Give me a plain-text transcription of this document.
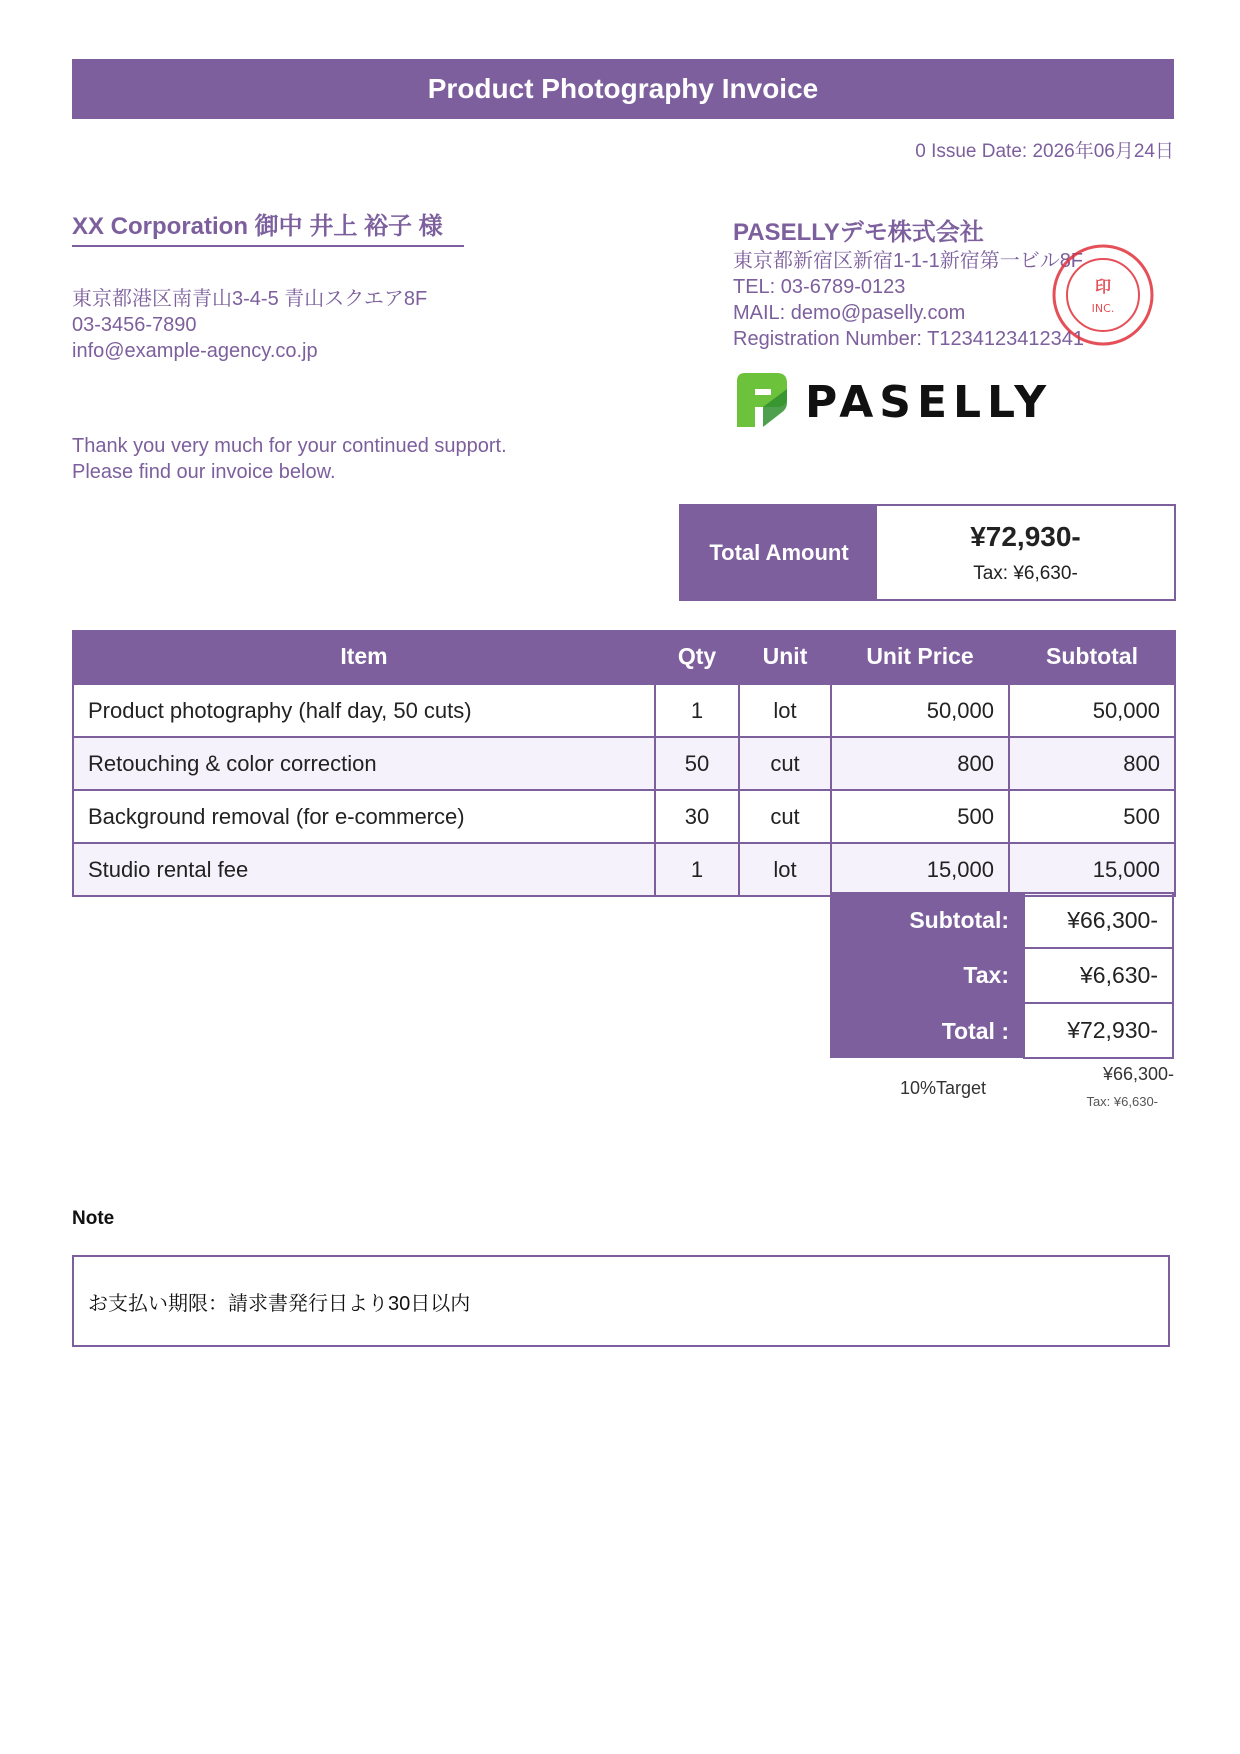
Product Photography Invoice
0 Issue Date: 2026年06月24日
XX Corporation 御中 井上 裕子 様
東京都港区南青山3-4-5 青山スクエア8F
03-3456-7890
info@example-agency.co.jp
Thank you very much for your continued support.
Please find our invoice below.
PASELLYデモ株式会社
東京都新宿区新宿1-1-1新宿第一ビル8F
TEL: 03-6789-0123
MAIL: demo@paselly.com
Registration Number: T1234123412341
印
INC.
PASELLY
Total Amount
¥72,930-
Tax: ¥6,630-
Item	Qty	Unit	Unit Price	Subtotal
Product photography (half day, 50 cuts)	1	lot	50,000	50,000
Retouching & color correction	50	cut	800	800
Background removal (for e-commerce)	30	cut	500	500
Studio rental fee	1	lot	15,000	15,000
Subtotal:	¥66,300-
Tax:	¥6,630-
Total :	¥72,930-
10%Target
¥66,300-
Tax: ¥6,630-
Note
お支払い期限：請求書発行日より30日以内
